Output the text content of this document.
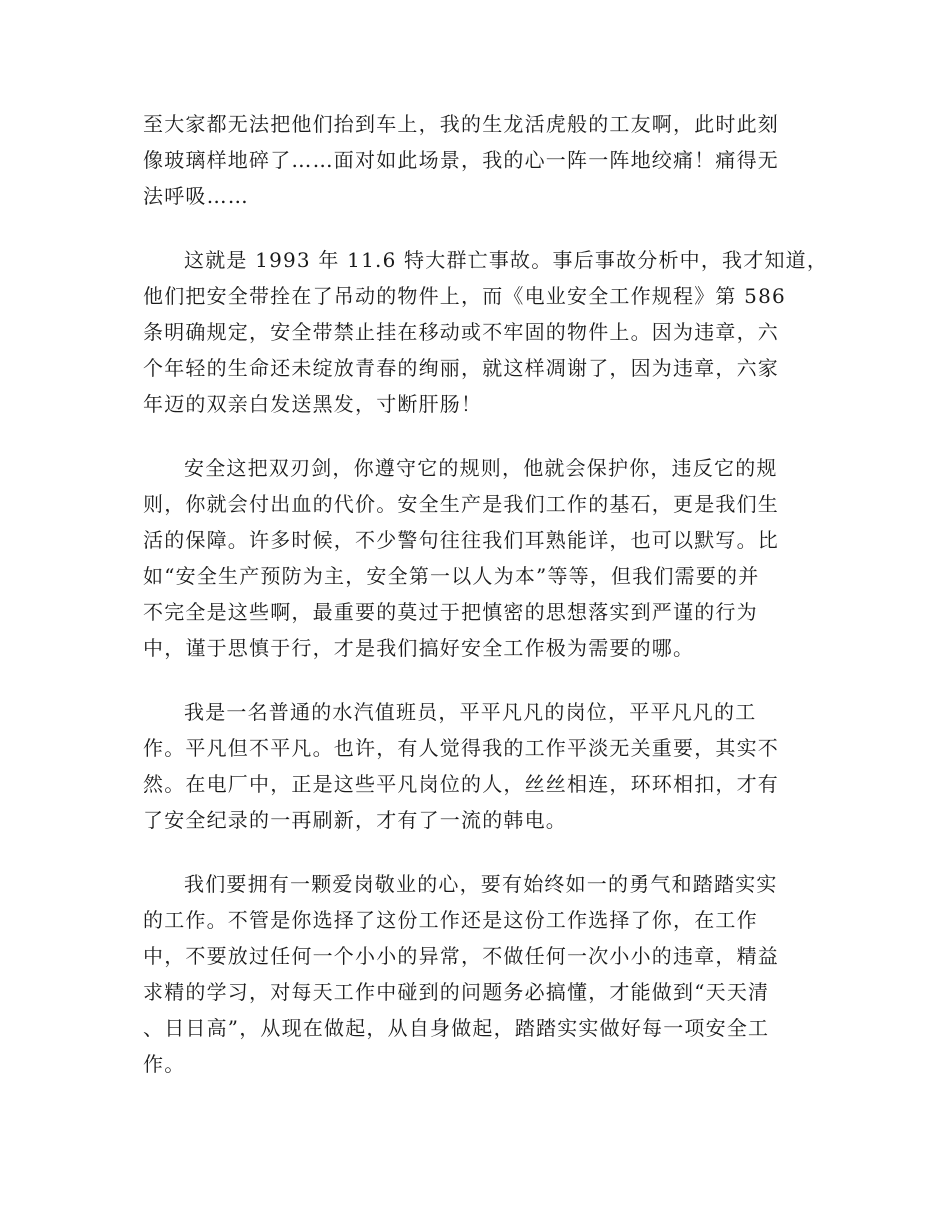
至大家都无法把他们抬到车上，我的生龙活虎般的工友啊，此时此刻
像玻璃样地碎了……面对如此场景，我的心一阵一阵地绞痛！痛得无
法呼吸……

这就是 1993 年 11.6 特大群亡事故。事后事故分析中，我才知道，
他们把安全带拴在了吊动的物件上，而《电业安全工作规程》第 586
条明确规定，安全带禁止挂在移动或不牢固的物件上。因为违章，六
个年轻的生命还未绽放青春的绚丽，就这样凋谢了，因为违章，六家
年迈的双亲白发送黑发，寸断肝肠！

安全这把双刃剑，你遵守它的规则，他就会保护你，违反它的规
则，你就会付出血的代价。安全生产是我们工作的基石，更是我们生
活的保障。许多时候，不少警句往往我们耳熟能详，也可以默写。比
如“安全生产预防为主，安全第一以人为本”等等，但我们需要的并
不完全是这些啊，最重要的莫过于把慎密的思想落实到严谨的行为
中，谨于思慎于行，才是我们搞好安全工作极为需要的哪。

我是一名普通的水汽值班员，平平凡凡的岗位，平平凡凡的工
作。平凡但不平凡。也许，有人觉得我的工作平淡无关重要，其实不
然。在电厂中，正是这些平凡岗位的人，丝丝相连，环环相扣，才有
了安全纪录的一再刷新，才有了一流的韩电。

我们要拥有一颗爱岗敬业的心，要有始终如一的勇气和踏踏实实
的工作。不管是你选择了这份工作还是这份工作选择了你，在工作
中，不要放过任何一个小小的异常，不做任何一次小小的违章，精益
求精的学习，对每天工作中碰到的问题务必搞懂，才能做到“天天清
、日日高”，从现在做起，从自身做起，踏踏实实做好每一项安全工
作。
